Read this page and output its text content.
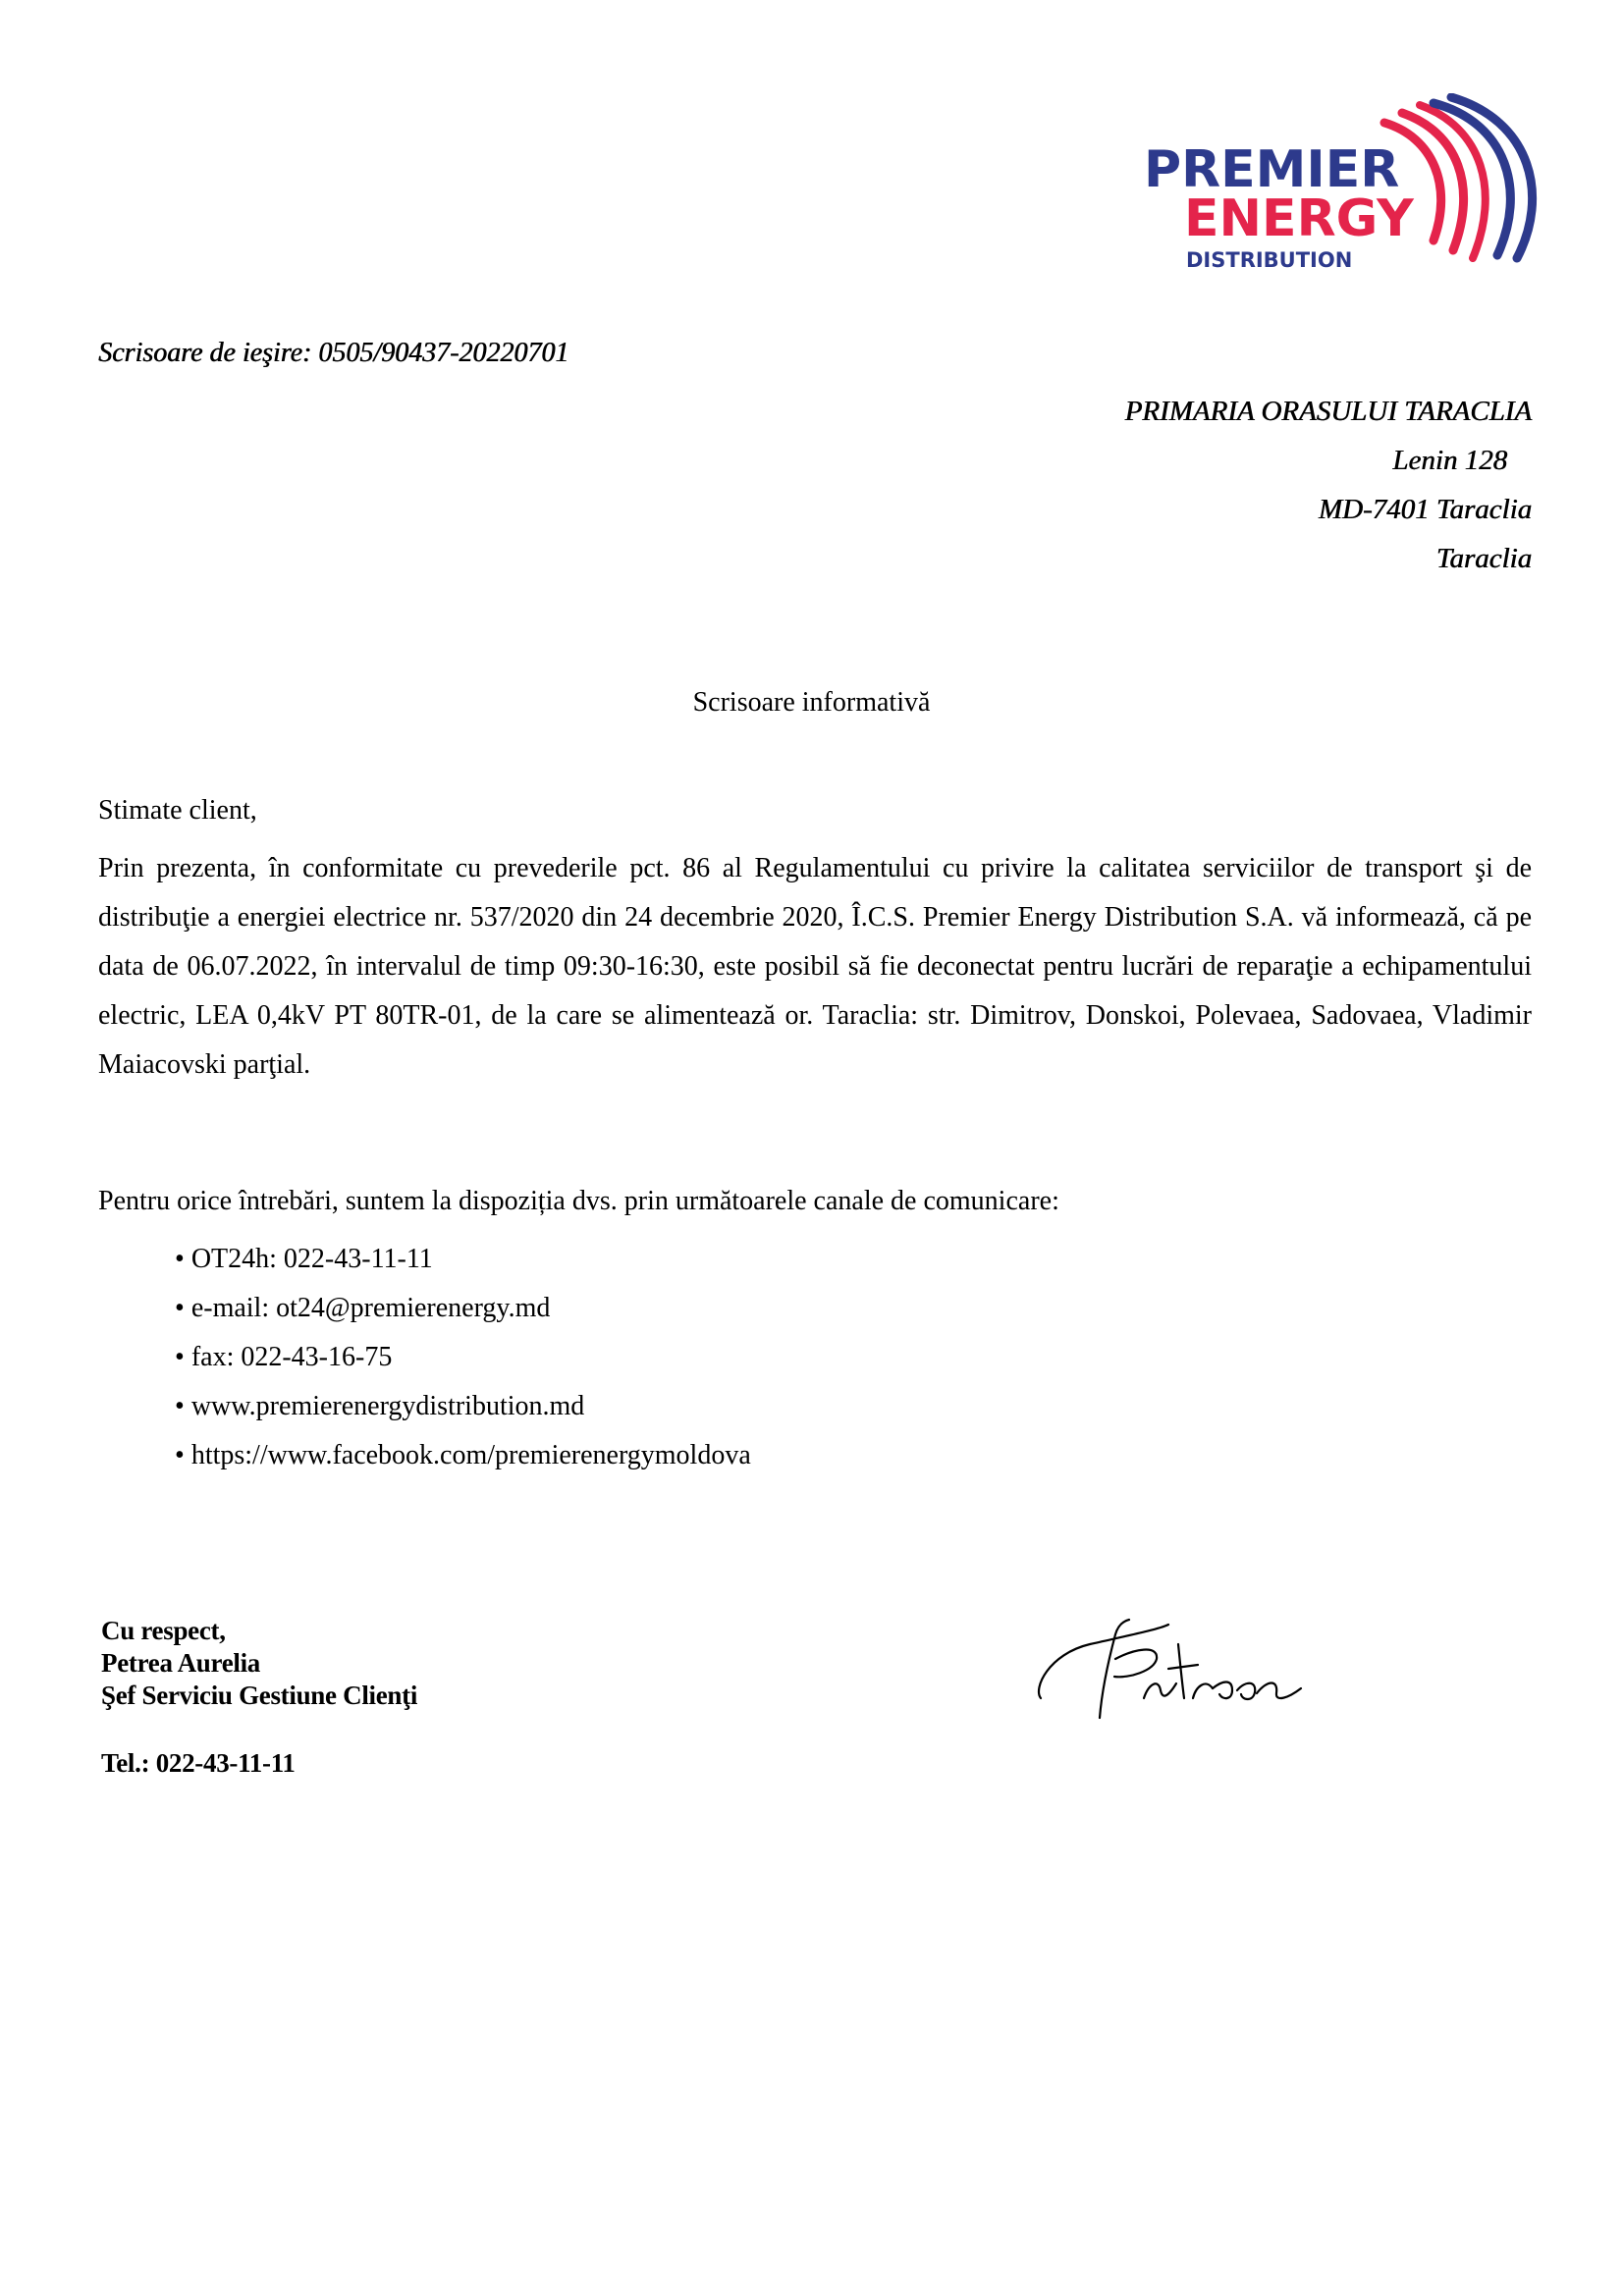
PREMIER
ENERGY
DISTRIBUTION
Scrisoare de ieşire: 0505/90437-20220701
PRIMARIA ORASULUI TARACLIA
Lenin 128
MD-7401 Taraclia
Taraclia
Scrisoare informativă
Stimate client,
Prin prezenta, în conformitate cu prevederile pct. 86 al Regulamentului cu privire la calitatea serviciilor de transport şi de distribuţie a energiei electrice nr. 537/2020 din 24 decembrie 2020, Î.C.S. Premier Energy Distribution S.A. vă informează, că pe data de 06.07.2022, în intervalul de timp 09:30-16:30, este posibil să fie deconectat pentru lucrări de reparaţie a echipamentului electric, LEA 0,4kV PT 80TR-01, de la care se alimentează or. Taraclia: str. Dimitrov, Donskoi, Polevaea, Sadovaea, Vladimir Maiacovski parţial.
Pentru orice întrebări, suntem la dispoziția dvs. prin următoarele canale de comunicare:
• OT24h: 022-43-11-11
• e-mail: ot24@premierenergy.md
• fax: 022-43-16-75
• www.premierenergydistribution.md
• https://www.facebook.com/premierenergymoldova
Cu respect,
Petrea Aurelia
Şef Serviciu Gestiune Clienţi
Tel.: 022-43-11-11
